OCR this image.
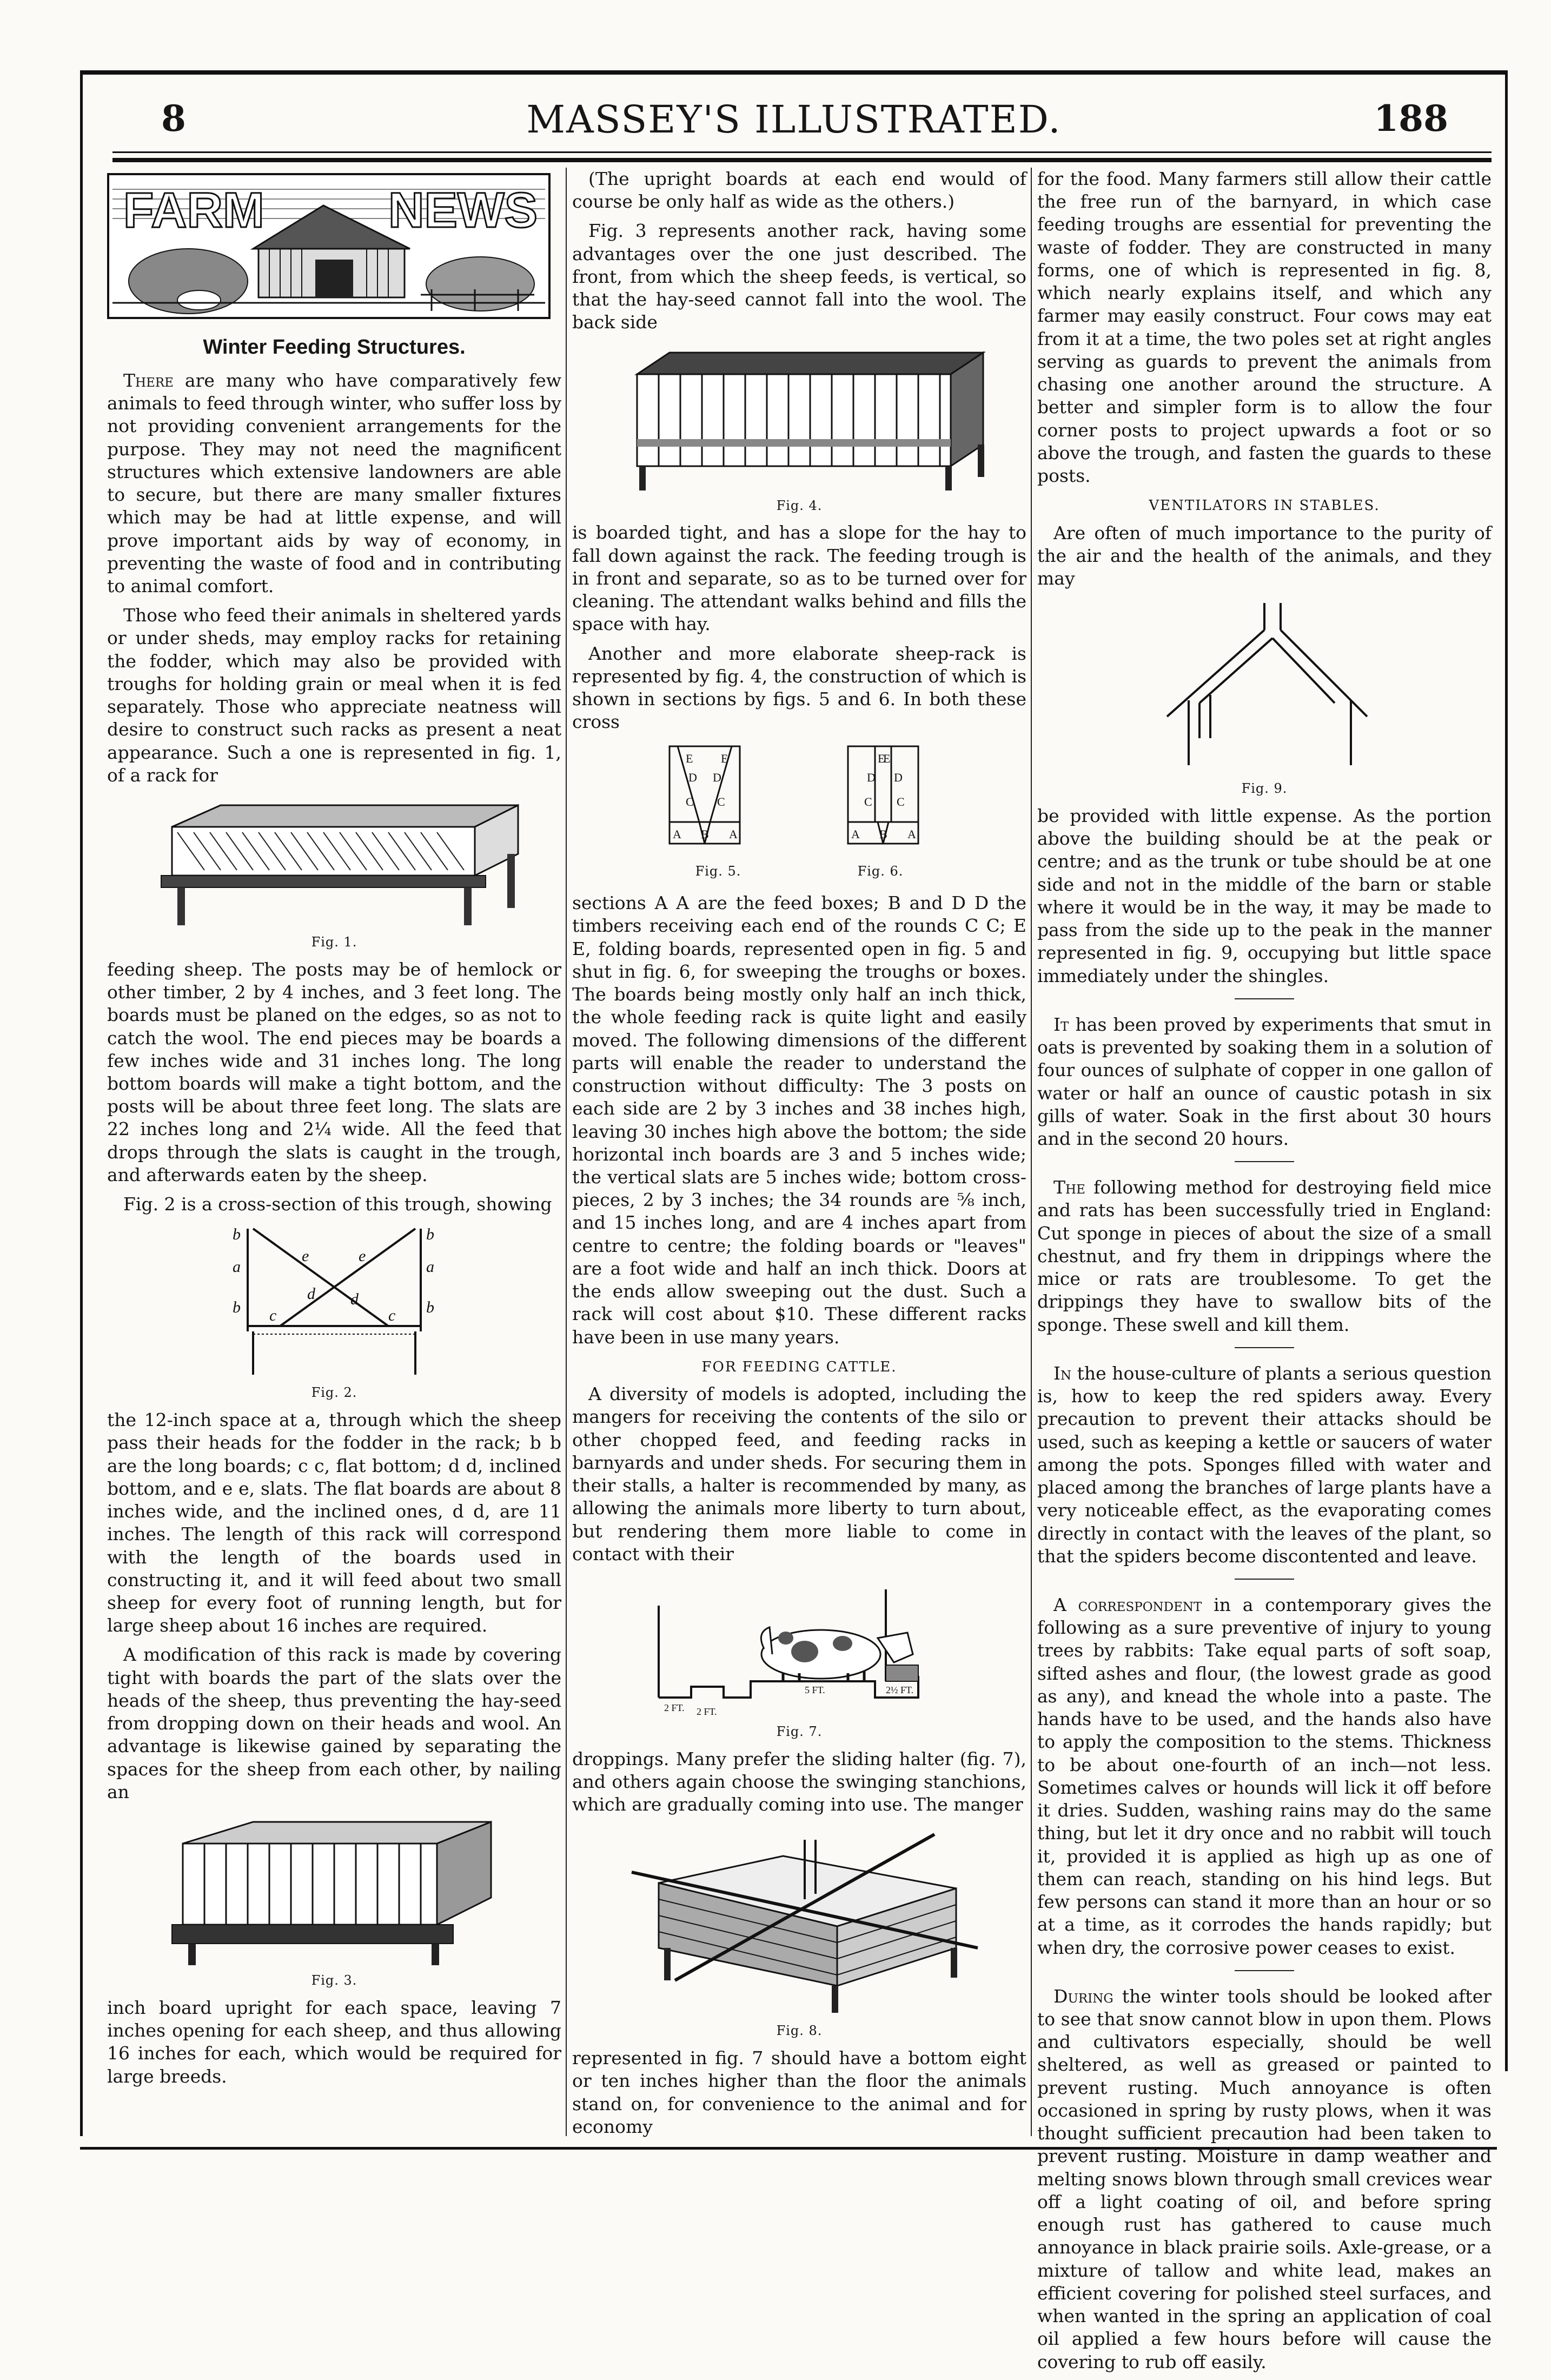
8	MASSEY'S ILLUSTRATED.	188
FARM NEWS
Winter Feeding Structures.

There are many who have comparatively few animals to feed through winter, who suffer loss by not providing convenient arrangements for the purpose. They may not need the magnificent structures which extensive landowners are able to secure, but there are many smaller fixtures which may be had at little expense, and will prove important aids by way of economy, in preventing the waste of food and in contributing to animal comfort.

Those who feed their animals in sheltered yards or under sheds, may employ racks for retaining the fodder, which may also be provided with troughs for holding grain or meal when it is fed separately. Those who appreciate neatness will desire to construct such racks as present a neat appearance. Such a one is represented in fig. 1, of a rack for

Fig. 1.

feeding sheep. The posts may be of hemlock or other timber, 2 by 4 inches, and 3 feet long. The boards must be planed on the edges, so as not to catch the wool. The end pieces may be boards a few inches wide and 31 inches long. The long bottom boards will make a tight bottom, and the posts will be about three feet long. The slats are 22 inches long and 2¼ wide. All the feed that drops through the slats is caught in the trough, and afterwards eaten by the sheep.

Fig. 2 is a cross-section of this trough, showing

b	b
a	a
b	b
e	e
d d
c	c
Fig. 2.

the 12-inch space at a, through which the sheep pass their heads for the fodder in the rack; b b are the long boards; c c, flat bottom; d d, inclined bottom, and e e, slats. The flat boards are about 8 inches wide, and the inclined ones, d d, are 11 inches. The length of this rack will correspond with the length of the boards used in constructing it, and it will feed about two small sheep for every foot of running length, but for large sheep about 16 inches are required.

A modification of this rack is made by covering tight with boards the part of the slats over the heads of the sheep, thus preventing the hay-seed from dropping down on their heads and wool. An advantage is likewise gained by separating the spaces for the sheep from each other, by nailing an

Fig. 3.

inch board upright for each space, leaving 7 inches opening for each sheep, and thus allowing 16 inches for each, which would be required for large breeds.

(The upright boards at each end would of course be only half as wide as the others.)

Fig. 3 represents another rack, having some advantages over the one just described. The front, from which the sheep feeds, is vertical, so that the hay-seed cannot fall into the wool. The back side

Fig. 4.

is boarded tight, and has a slope for the hay to fall down against the rack. The feeding trough is in front and separate, so as to be turned over for cleaning. The attendant walks behind and fills the space with hay.

Another and more elaborate sheep-rack is represented by fig. 4, the construction of which is shown in sections by figs. 5 and 6. In both these cross

E E
D D
C C
A B A
E
E
D D
C C
A B A
Fig. 5.	Fig. 6.

sections A A are the feed boxes; B and D D the timbers receiving each end of the rounds C C; E E, folding boards, represented open in fig. 5 and shut in fig. 6, for sweeping the troughs or boxes. The boards being mostly only half an inch thick, the whole feeding rack is quite light and easily moved. The following dimensions of the different parts will enable the reader to understand the construction without difficulty: The 3 posts on each side are 2 by 3 inches and 38 inches high, leaving 30 inches high above the bottom; the side horizontal inch boards are 3 and 5 inches wide; the vertical slats are 5 inches wide; bottom cross-pieces, 2 by 3 inches; the 34 rounds are ⅝ inch, and 15 inches long, and are 4 inches apart from centre to centre; the folding boards or "leaves" are a foot wide and half an inch thick. Doors at the ends allow sweeping out the dust. Such a rack will cost about $10. These different racks have been in use many years.

FOR FEEDING CATTLE.

A diversity of models is adopted, including the mangers for receiving the contents of the silo or other chopped feed, and feeding racks in barnyards and under sheds. For securing them in their stalls, a halter is recommended by many, as allowing the animals more liberty to turn about, but rendering them more liable to come in contact with their

2 FT. 2 FT.
5 FT.	2½ FT.
Fig. 7.

droppings. Many prefer the sliding halter (fig. 7), and others again choose the swinging stanchions, which are gradually coming into use. The manger

Fig. 8.

represented in fig. 7 should have a bottom eight or ten inches higher than the floor the animals stand on, for convenience to the animal and for economy

for the food. Many farmers still allow their cattle the free run of the barnyard, in which case feeding troughs are essential for preventing the waste of fodder. They are constructed in many forms, one of which is represented in fig. 8, which nearly explains itself, and which any farmer may easily construct. Four cows may eat from it at a time, the two poles set at right angles serving as guards to prevent the animals from chasing one another around the structure. A better and simpler form is to allow the four corner posts to project upwards a foot or so above the trough, and fasten the guards to these posts.

VENTILATORS IN STABLES.

Are often of much importance to the purity of the air and the health of the animals, and they may

Fig. 9.

be provided with little expense. As the portion above the building should be at the peak or centre; and as the trunk or tube should be at one side and not in the middle of the barn or stable where it would be in the way, it may be made to pass from the side up to the peak in the manner represented in fig. 9, occupying but little space immediately under the shingles.

It has been proved by experiments that smut in oats is prevented by soaking them in a solution of four ounces of sulphate of copper in one gallon of water or half an ounce of caustic potash in six gills of water. Soak in the first about 30 hours and in the second 20 hours.

The following method for destroying field mice and rats has been successfully tried in England: Cut sponge in pieces of about the size of a small chestnut, and fry them in drippings where the mice or rats are troublesome. To get the drippings they have to swallow bits of the sponge. These swell and kill them.

In the house-culture of plants a serious question is, how to keep the red spiders away. Every precaution to prevent their attacks should be used, such as keeping a kettle or saucers of water among the pots. Sponges filled with water and placed among the branches of large plants have a very noticeable effect, as the evaporating comes directly in contact with the leaves of the plant, so that the spiders become discontented and leave.

A correspondent in a contemporary gives the following as a sure preventive of injury to young trees by rabbits: Take equal parts of soft soap, sifted ashes and flour, (the lowest grade as good as any), and knead the whole into a paste. The hands have to be used, and the hands also have to apply the composition to the stems. Thickness to be about one-fourth of an inch—not less. Sometimes calves or hounds will lick it off before it dries. Sudden, washing rains may do the same thing, but let it dry once and no rabbit will touch it, provided it is applied as high up as one of them can reach, standing on his hind legs. But few persons can stand it more than an hour or so at a time, as it corrodes the hands rapidly; but when dry, the corrosive power ceases to exist.

During the winter tools should be looked after to see that snow cannot blow in upon them. Plows and cultivators especially, should be well sheltered, as well as greased or painted to prevent rusting. Much annoyance is often occasioned in spring by rusty plows, when it was thought sufficient precaution had been taken to prevent rusting. Moisture in damp weather and melting snows blown through small crevices wear off a light coating of oil, and before spring enough rust has gathered to cause much annoyance in black prairie soils. Axle-grease, or a mixture of tallow and white lead, makes an efficient covering for polished steel surfaces, and when wanted in the spring an application of coal oil applied a few hours before will cause the covering to rub off easily.
